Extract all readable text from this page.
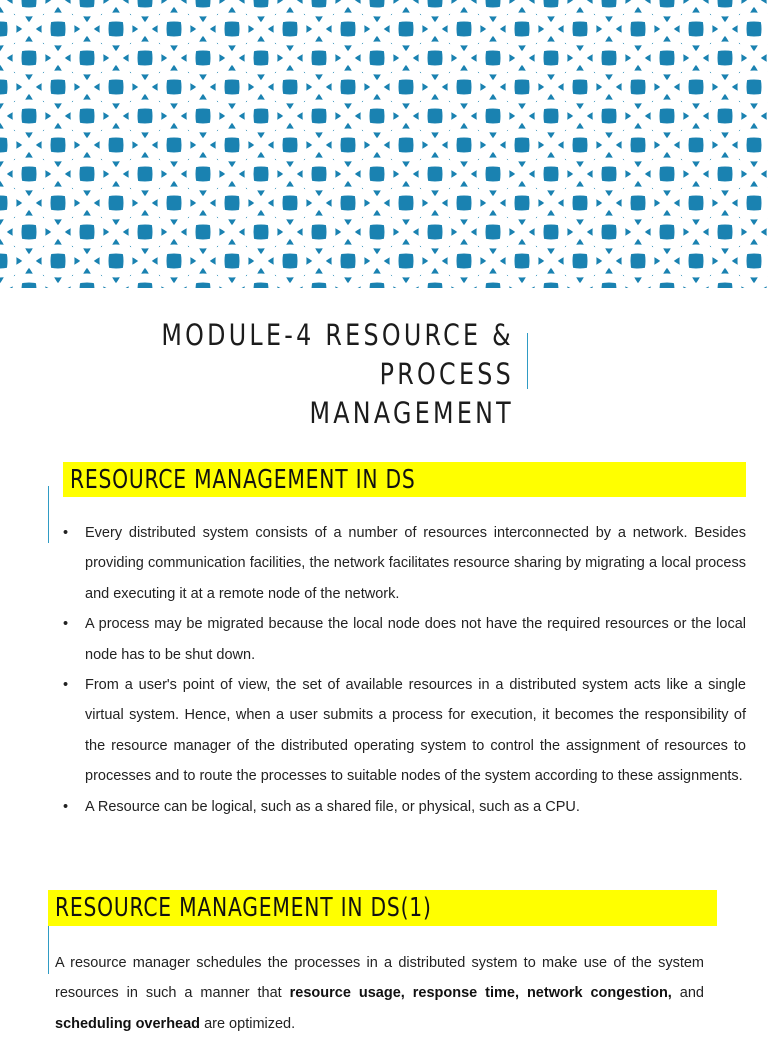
MODULE-4 RESOURCE & PROCESS
MANAGEMENT
RESOURCE MANAGEMENT IN DS
• Every distributed system consists of a number of resources interconnected by a network. Besides providing communication facilities, the network facilitates resource sharing by migrating a local process and executing it at a remote node of the network.
• A process may be migrated because the local node does not have the required resources or the local node has to be shut down.
• From a user's point of view, the set of available resources in a distributed system acts like a single virtual system. Hence, when a user submits a process for execution, it becomes the responsibility of the resource manager of the distributed operating system to control the assignment of resources to processes and to route the processes to suitable nodes of the system according to these assignments.
• A Resource can be logical, such as a shared file, or physical, such as a CPU.
RESOURCE MANAGEMENT IN DS(1)

A resource manager schedules the processes in a distributed system to make use of the system resources in such a manner that resource usage, response time, network congestion, and scheduling overhead are optimized.
